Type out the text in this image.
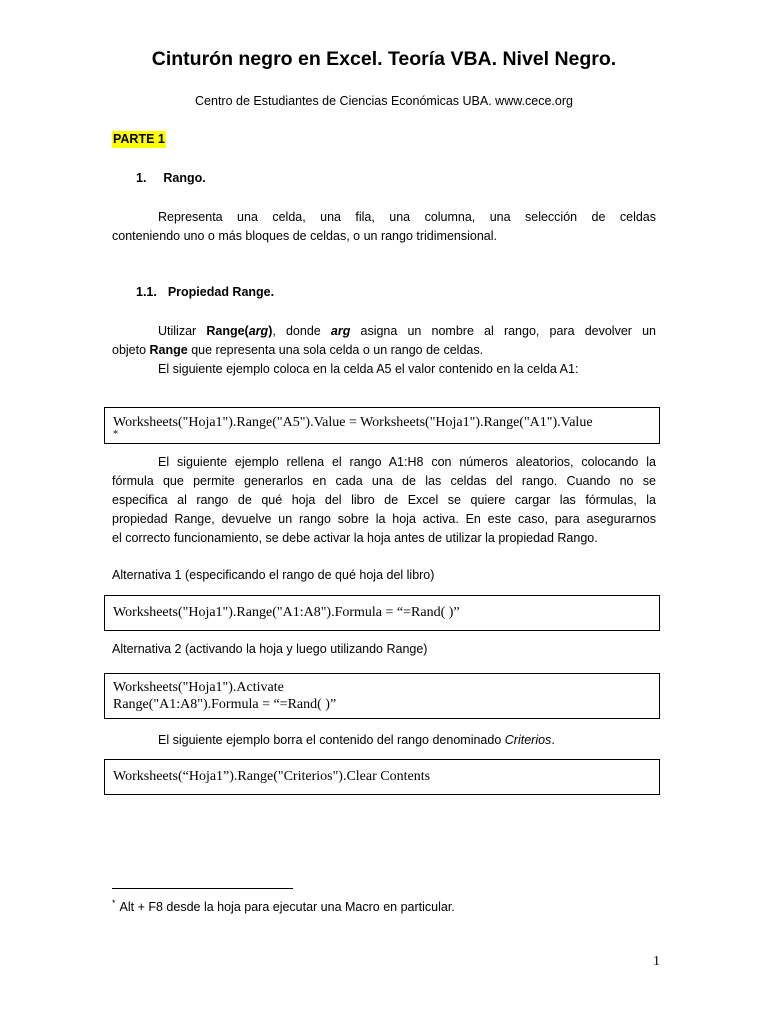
Cinturón negro en Excel. Teoría VBA. Nivel Negro.
Centro de Estudiantes de Ciencias Económicas UBA. www.cece.org
PARTE 1
1. Rango.
Representa una celda, una fila, una columna, una selección de celdas
conteniendo uno o más bloques de celdas, o un rango tridimensional.
1.1. Propiedad Range.
Utilizar Range(arg), donde arg asigna un nombre al rango, para devolver un
objeto Range que representa una sola celda o un rango de celdas.
El siguiente ejemplo coloca en la celda A5 el valor contenido en la celda A1:
Worksheets("Hoja1").Range("A5").Value = Worksheets("Hoja1").Range("A1").Value
*
El siguiente ejemplo rellena el rango A1:H8 con números aleatorios, colocando la
fórmula que permite generarlos en cada una de las celdas del rango. Cuando no se
especifica al rango de qué hoja del libro de Excel se quiere cargar las fórmulas, la
propiedad Range, devuelve un rango sobre la hoja activa. En este caso, para asegurarnos
el correcto funcionamiento, se debe activar la hoja antes de utilizar la propiedad Rango.
Alternativa 1 (especificando el rango de qué hoja del libro)
Worksheets("Hoja1").Range("A1:A8").Formula = “=Rand( )”
Alternativa 2 (activando la hoja y luego utilizando Range)
Worksheets("Hoja1").Activate
Range("A1:A8").Formula = “=Rand( )”
El siguiente ejemplo borra el contenido del rango denominado Criterios.
Worksheets(“Hoja1”).Range("Criterios").Clear Contents
* Alt + F8 desde la hoja para ejecutar una Macro en particular.
1
